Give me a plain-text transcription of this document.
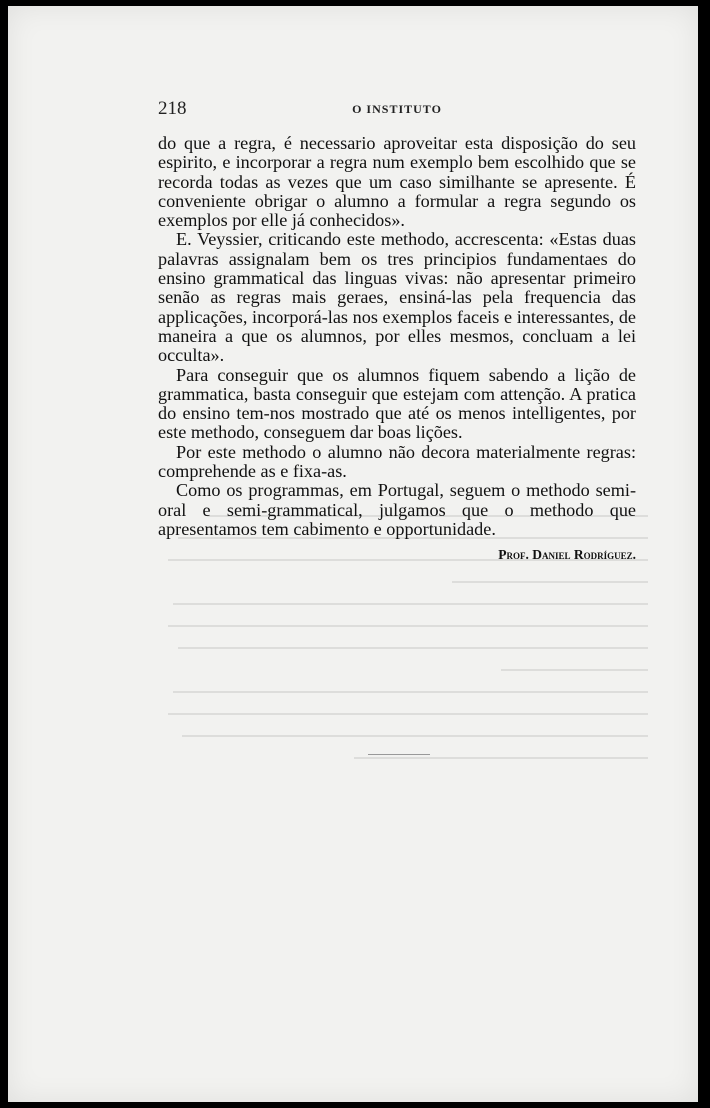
218	O INSTITUTO

do que a regra, é necessario aproveitar esta disposição do seu espirito, e incorporar a regra num exemplo bem escolhido que se recorda todas as vezes que um caso similhante se apresente. É conveniente obrigar o alumno a formular a regra segundo os exemplos por elle já conhecidos».

E. Veyssier, criticando este methodo, accrescenta: «Estas duas palavras assignalam bem os tres principios fundamentaes do ensino grammatical das linguas vivas: não apresentar primeiro senão as regras mais geraes, ensiná-las pela frequencia das applicações, incorporá-las nos exemplos faceis e interessantes, de maneira a que os alumnos, por elles mesmos, concluam a lei occulta».

Para conseguir que os alumnos fiquem sabendo a lição de grammatica, basta conseguir que estejam com attenção. A pratica do ensino tem-nos mostrado que até os menos intelligentes, por este methodo, conseguem dar boas lições.

Por este methodo o alumno não decora materialmente regras: comprehende as e fixa-as.

Como os programmas, em Portugal, seguem o methodo semi-oral e semi-grammatical, julgamos que o methodo que apresentamos tem cabimento e opportunidade.

Prof. Daniel Rodríguez.
